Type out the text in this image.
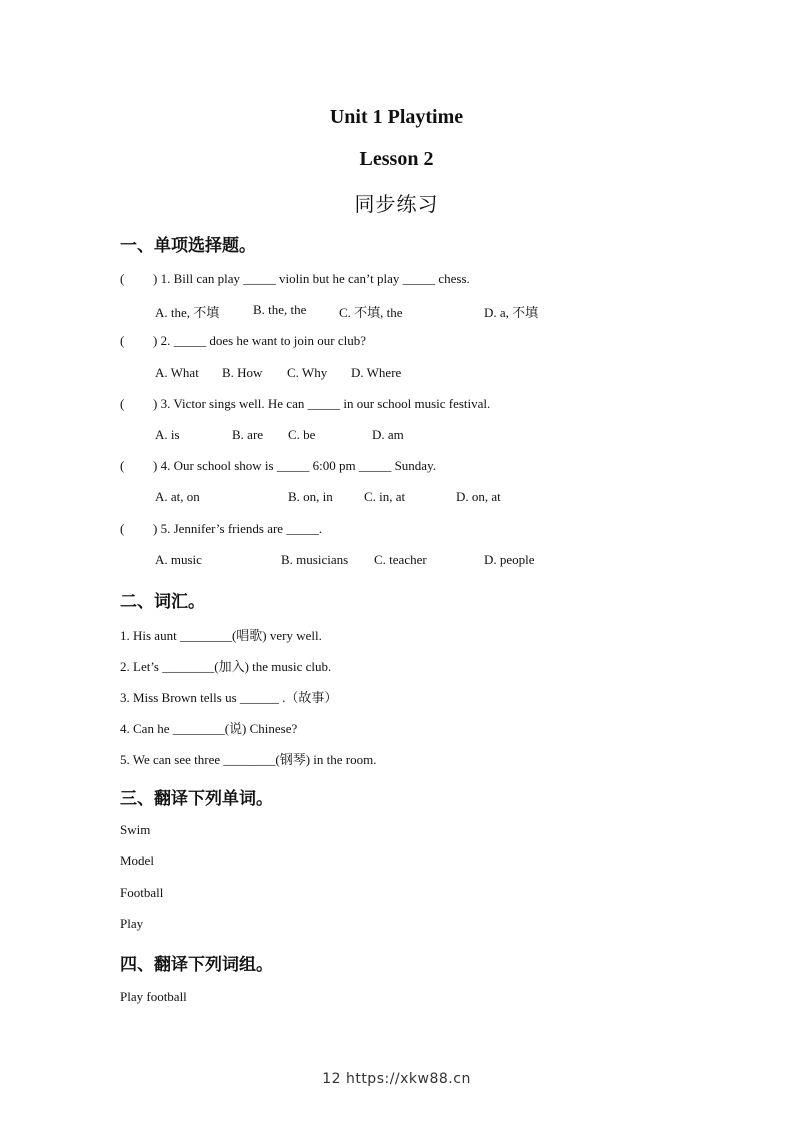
Unit 1 Playtime
Lesson 2
同步练习
一、单项选择题。
( ) 1. Bill can play _____ violin but he can’t play _____ chess.
A. the, 不填	B. the, the	C. 不填, the	D. a, 不填
( ) 2. _____ does he want to join our club?
A. What B. How C. Why D. Where
( ) 3. Victor sings well. He can _____ in our school music festival.
A. is	B. are C. be	D. am
( ) 4. Our school show is _____ 6:00 pm _____ Sunday.
A. at, on	B. on, in C. in, at	D. on, at
( ) 5. Jennifer’s friends are _____.
A. music	B. musicians C. teacher	D. people
二、词汇。
1. His aunt ________(唱歌) very well.
2. Let’s ________(加入) the music club.
3. Miss Brown tells us ______ .（故事）
4. Can he ________(说) Chinese?
5. We can see three ________(钢琴) in the room.
三、翻译下列单词。
Swim
Model
Football
Play
四、翻译下列词组。
Play football
12 https://xkw88.cn
